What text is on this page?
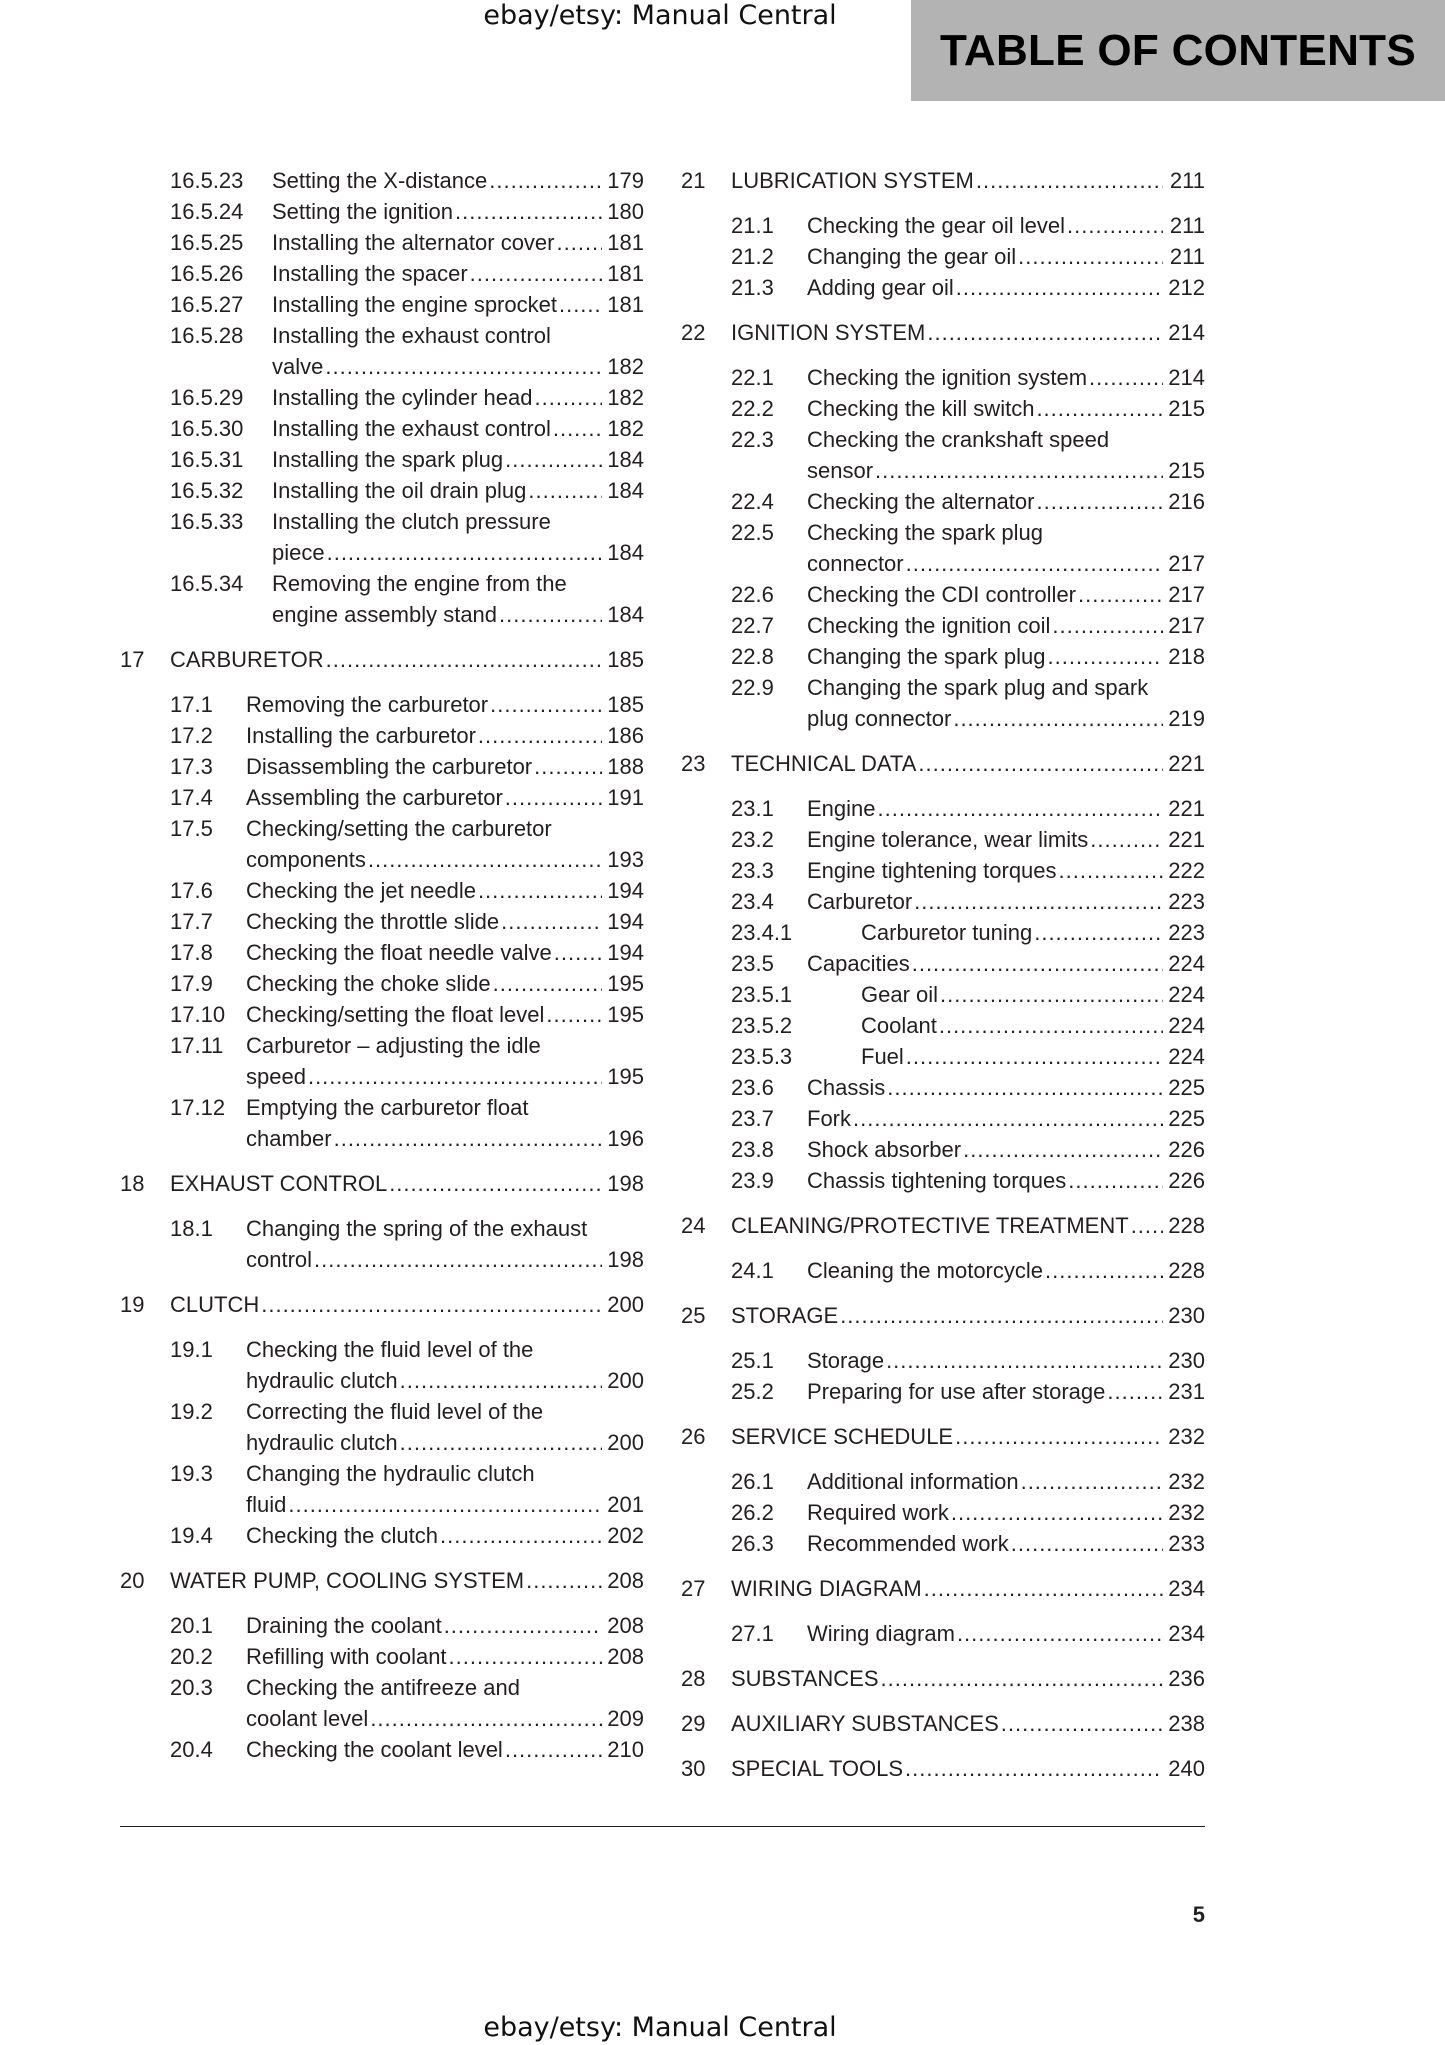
ebay/etsy: Manual Central
TABLE OF CONTENTS
16.5.23 Setting the X-distance .....	179
16.5.24 Setting the ignition .....	180
16.5.25 Installing the alternator cover ..... 181
16.5.26 Installing the spacer .....	181
16.5.27 Installing the engine sprocket ..... 181
16.5.28 Installing the exhaust control
valve .....	182
16.5.29 Installing the cylinder head .....	182
16.5.30 Installing the exhaust control .....	182
16.5.31 Installing the spark plug .....	184
16.5.32 Installing the oil drain plug .....	184
16.5.33 Installing the clutch pressure
piece .....	184
16.5.34 Removing the engine from the
engine assembly stand .....	184
17 CARBURETOR .....	185
17.1 Removing the carburetor .....	185
17.2 Installing the carburetor .....	186
17.3 Disassembling the carburetor .....	188
17.4 Assembling the carburetor .....	191
17.5 Checking/setting the carburetor
components .....	193
17.6 Checking the jet needle .....	194
17.7 Checking the throttle slide .....	194
17.8 Checking the float needle valve .....	194
17.9 Checking the choke slide .....	195
17.10 Checking/setting the float level .....	195
17.11 Carburetor – adjusting the idle
speed .....	195
17.12 Emptying the carburetor float
chamber .....	196
18 EXHAUST CONTROL .....	198
18.1 Changing the spring of the exhaust
control .....	198
19 CLUTCH .....	200
19.1 Checking the fluid level of the
hydraulic clutch .....	200
19.2 Correcting the fluid level of the
hydraulic clutch .....	200
19.3 Changing the hydraulic clutch
fluid .....	201
19.4 Checking the clutch .....	202
20 WATER PUMP, COOLING SYSTEM .....	208
20.1 Draining the coolant .....	208
20.2 Refilling with coolant .....	208
20.3 Checking the antifreeze and
coolant level .....	209
20.4 Checking the coolant level .....	210
21 LUBRICATION SYSTEM .....	211
21.1 Checking the gear oil level .....	211
21.2 Changing the gear oil .....	211
21.3 Adding gear oil .....	212
22 IGNITION SYSTEM .....	214
22.1 Checking the ignition system .....	214
22.2 Checking the kill switch .....	215
22.3 Checking the crankshaft speed
sensor .....	215
22.4 Checking the alternator .....	216
22.5 Checking the spark plug
connector .....	217
22.6 Checking the CDI controller .....	217
22.7 Checking the ignition coil .....	217
22.8 Changing the spark plug .....	218
22.9 Changing the spark plug and spark
plug connector .....	219
23 TECHNICAL DATA .....	221
23.1 Engine .....	221
23.2 Engine tolerance, wear limits .....	221
23.3 Engine tightening torques .....	222
23.4 Carburetor .....	223
23.4.1	Carburetor tuning .....	223
23.5 Capacities .....	224
23.5.1	Gear oil .....	224
23.5.2	Coolant .....	224
23.5.3	Fuel .....	224
23.6 Chassis .....	225
23.7 Fork .....	225
23.8 Shock absorber .....	226
23.9 Chassis tightening torques .....	226
24 CLEANING/PROTECTIVE TREATMENT ..... 228
24.1 Cleaning the motorcycle .....	228
25 STORAGE .....	230
25.1 Storage .....	230
25.2 Preparing for use after storage .....	231
26 SERVICE SCHEDULE .....	232
26.1 Additional information .....	232
26.2 Required work .....	232
26.3 Recommended work .....	233
27 WIRING DIAGRAM .....	234
27.1 Wiring diagram .....	234
28 SUBSTANCES .....	236
29 AUXILIARY SUBSTANCES .....	238
30 SPECIAL TOOLS .....	240
5
ebay/etsy: Manual Central
